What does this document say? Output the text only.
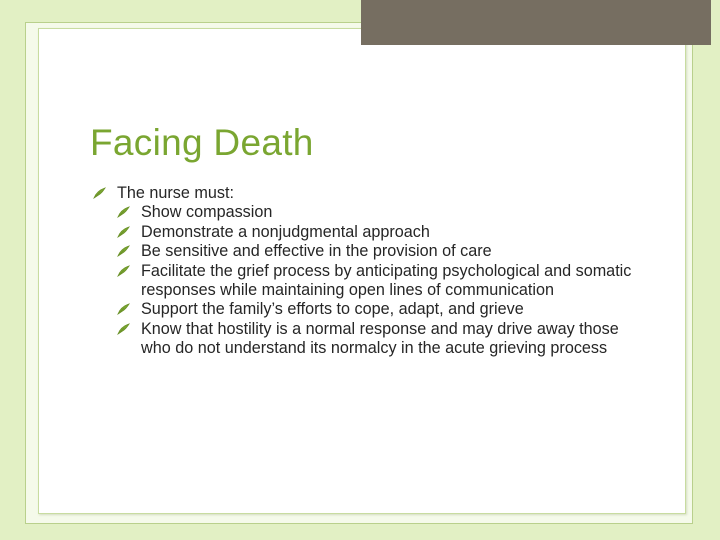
Facing Death
The nurse must:
Show compassion
Demonstrate a nonjudgmental approach
Be sensitive and effective in the provision of care
Facilitate the grief process by anticipating psychological and somatic responses while maintaining open lines of communication
Support the family’s efforts to cope, adapt, and grieve
Know that hostility is a normal response and may drive away those who do not understand its normalcy in the acute grieving process
